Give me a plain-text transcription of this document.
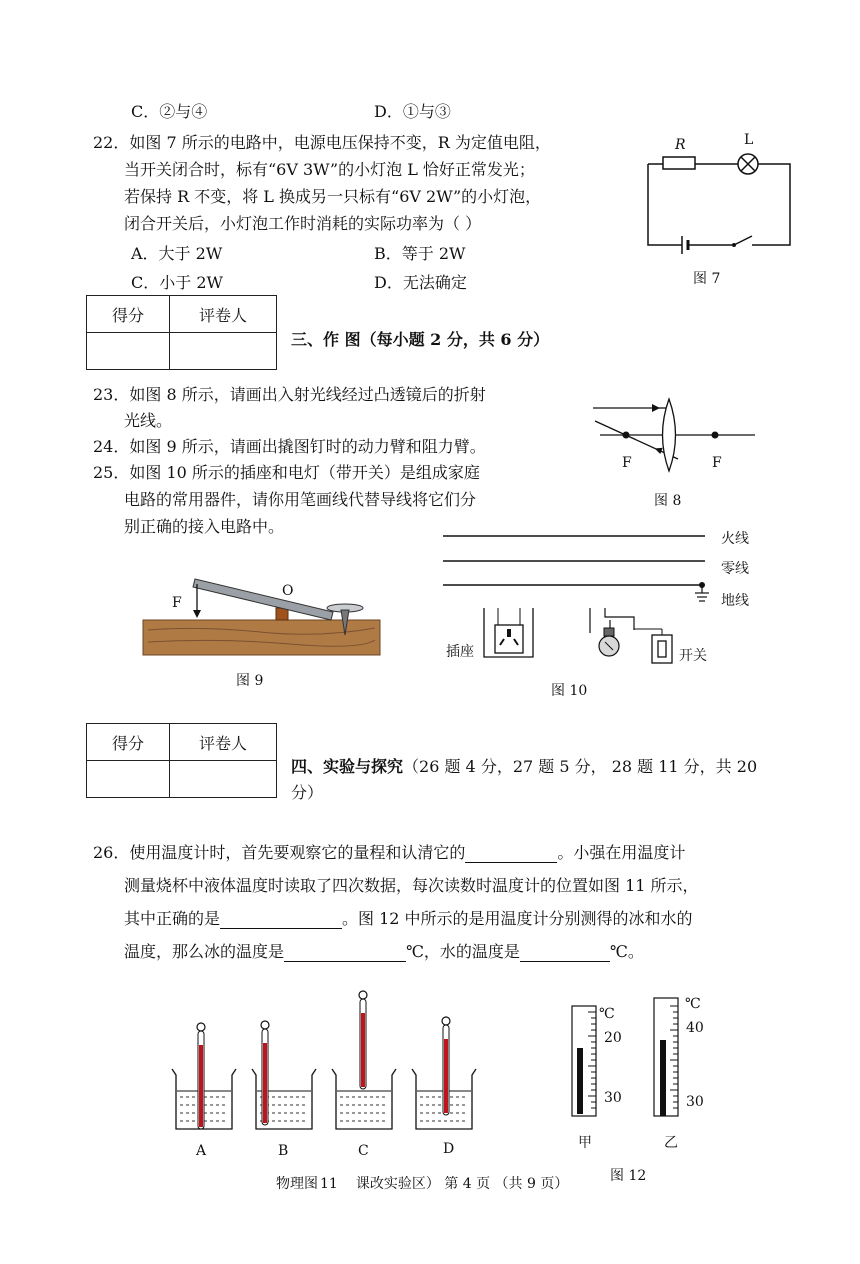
C．②与④	D．①与③
22．如图 7 所示的电路中，电源电压保持不变，R 为定值电阻，
当开关闭合时，标有“6V 3W”的小灯泡 L 恰好正常发光；
若保持 R 不变，将 L 换成另一只标有“6V 2W”的小灯泡，
闭合开关后，小灯泡工作时消耗的实际功率为（ ）
A．大于 2W	B．等于 2W
C．小于 2W	D．无法确定
R	L
图 7
得分	评卷人

三、作 图（每小题 2 分，共 6 分）
23．如图 8 所示，请画出入射光线经过凸透镜后的折射
光线。
24．如图 9 所示，请画出撬图钉时的动力臂和阻力臂。
25．如图 10 所示的插座和电灯（带开关）是组成家庭
电路的常用器件，请你用笔画线代替导线将它们分
别正确的接入电路中。
F	F
图 8
F
O
图 9
火线
零线
地线
插座	开关
图 10
得分	评卷人

四、实验与探究（26 题 4 分，27 题 5 分， 28 题 11 分，共 20
分）
26．使用温度计时，首先要观察它的量程和认清它的	。小强在用温度计
测量烧杯中液体温度时读取了四次数据，每次读数时温度计的位置如图 11 所示，
其中正确的是	。图 12 中所示的是用温度计分别测得的冰和水的
温度，那么冰的温度是	℃，水的温度是	℃。
A	B	C	D
℃
20
30
甲
℃
40
30
乙
图 12
物理图 11 课改实验区） 第 4 页 （共 9 页）
